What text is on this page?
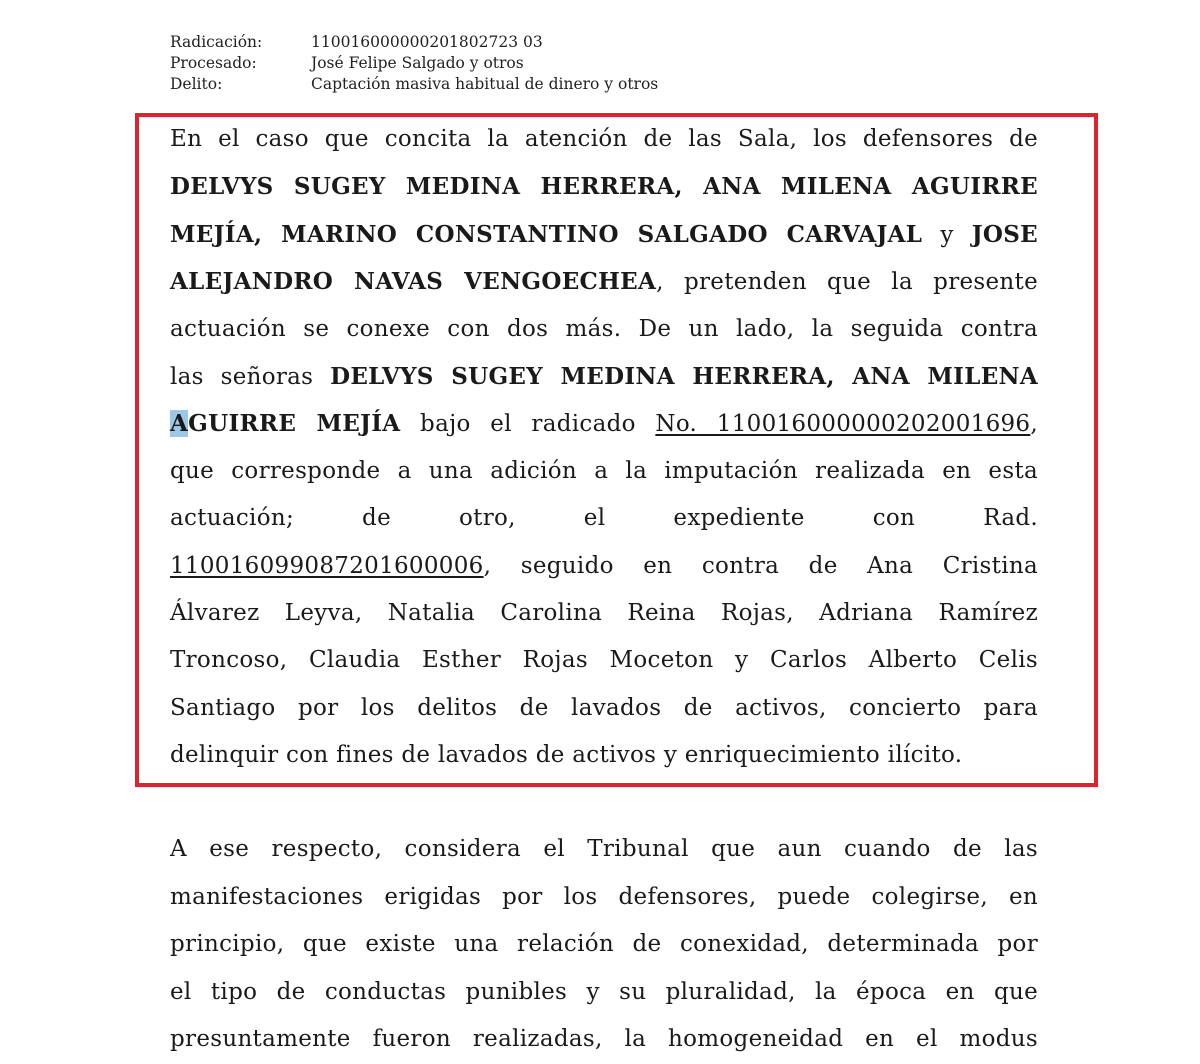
Radicación:	110016000000201802723 03
Procesado:	José Felipe Salgado y otros
Delito:	Captación masiva habitual de dinero y otros
En el caso que concita la atención de las Sala, los defensores de
DELVYS SUGEY MEDINA HERRERA, ANA MILENA AGUIRRE
MEJÍA, MARINO CONSTANTINO SALGADO CARVAJAL y JOSE
ALEJANDRO NAVAS VENGOECHEA, pretenden que la presente
actuación se conexe con dos más. De un lado, la seguida contra
las señoras DELVYS SUGEY MEDINA HERRERA, ANA MILENA
AGUIRRE MEJÍA bajo el radicado No. 110016000000202001696,
que corresponde a una adición a la imputación realizada en esta
actuación; de otro, el expediente con Rad.
110016099087201600006, seguido en contra de Ana Cristina
Álvarez Leyva, Natalia Carolina Reina Rojas, Adriana Ramírez
Troncoso, Claudia Esther Rojas Moceton y Carlos Alberto Celis
Santiago por los delitos de lavados de activos, concierto para
delinquir con fines de lavados de activos y enriquecimiento ilícito.
A ese respecto, considera el Tribunal que aun cuando de las
manifestaciones erigidas por los defensores, puede colegirse, en
principio, que existe una relación de conexidad, determinada por
el tipo de conductas punibles y su pluralidad, la época en que
presuntamente fueron realizadas, la homogeneidad en el modus
